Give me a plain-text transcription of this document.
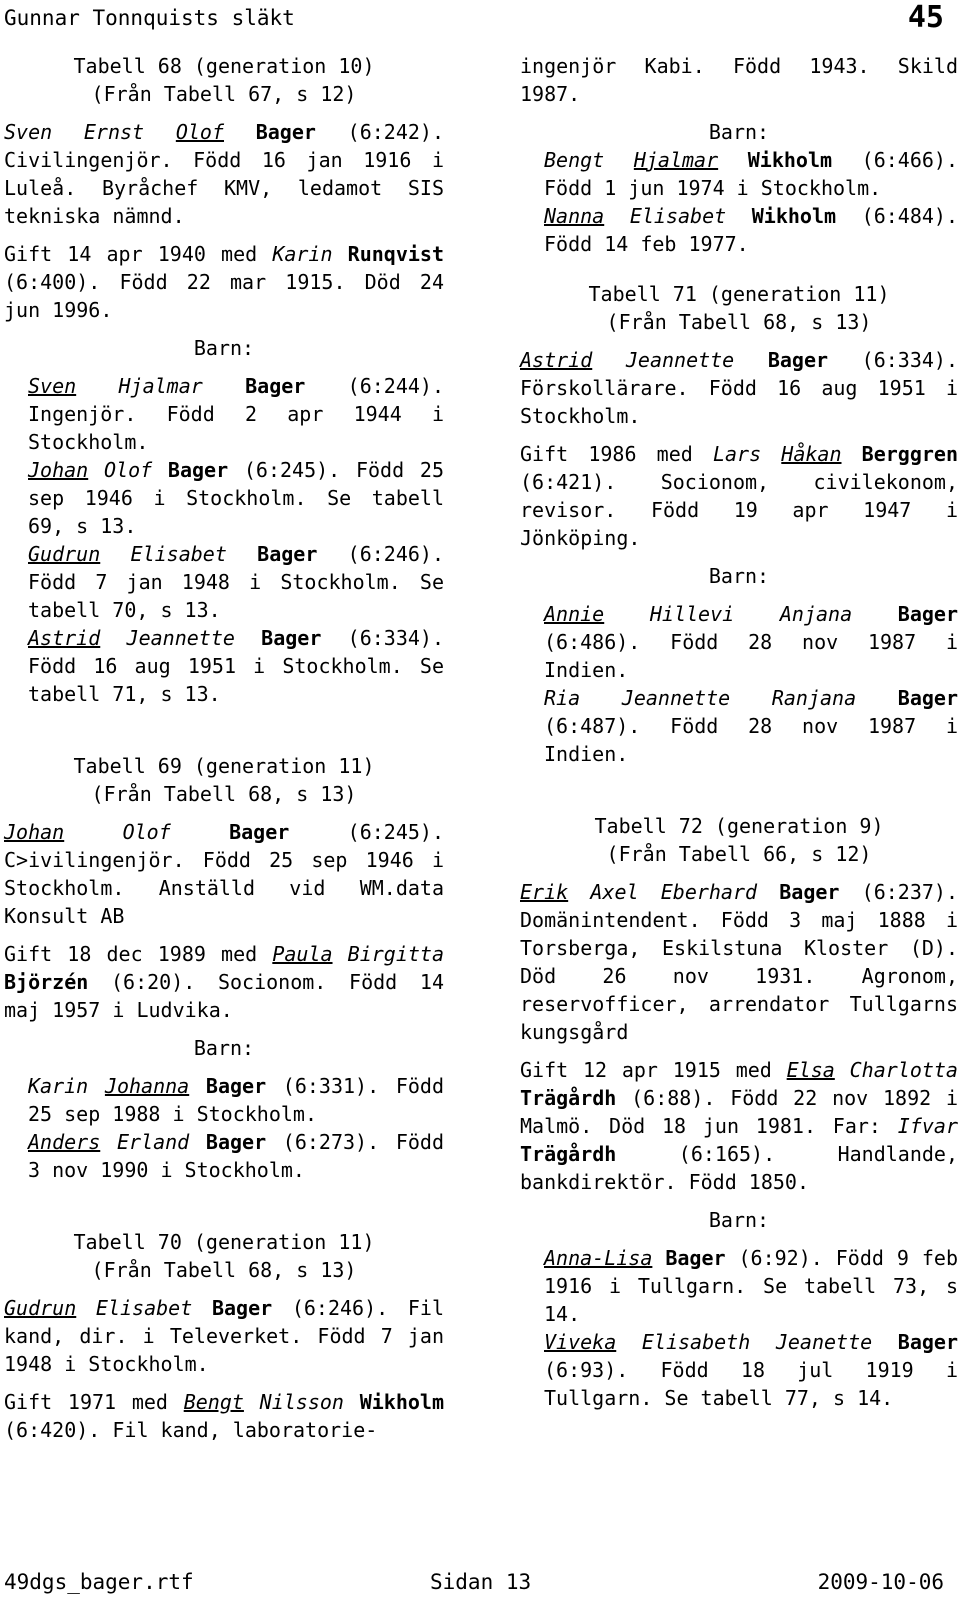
Gunnar Tonnquists släkt	45
Tabell 68 (generation 10)
(Från Tabell 67, s 12)

Sven Ernst Olof Bager (6:242). Civilingenjör. Född 16 jan 1916 i Luleå. Byråchef KMV, ledamot SIS tekniska nämnd.

Gift 14 apr 1940 med Karin Runqvist (6:400). Född 22 mar 1915. Död 24 jun 1996.

Barn:

Sven Hjalmar Bager (6:244). Ingenjör. Född 2 apr 1944 i Stockholm.

Johan Olof Bager (6:245). Född 25 sep 1946 i Stockholm. Se tabell 69, s 13.

Gudrun Elisabet Bager (6:246). Född 7 jan 1948 i Stockholm. Se tabell 70, s 13.

Astrid Jeannette Bager (6:334). Född 16 aug 1951 i Stockholm. Se tabell 71, s 13.

Tabell 69 (generation 11)
(Från Tabell 68, s 13)

Johan Olof Bager (6:245). C>ivilingenjör. Född 25 sep 1946 i Stockholm. Anställd vid WM.data Konsult AB

Gift 18 dec 1989 med Paula Birgitta Björzén (6:20). Socionom. Född 14 maj 1957 i Ludvika.

Barn:

Karin Johanna Bager (6:331). Född 25 sep 1988 i Stockholm.

Anders Erland Bager (6:273). Född 3 nov 1990 i Stockholm.

Tabell 70 (generation 11)
(Från Tabell 68, s 13)

Gudrun Elisabet Bager (6:246). Fil kand, dir. i Televerket. Född 7 jan 1948 i Stockholm.

Gift 1971 med Bengt Nilsson Wikholm (6:420). Fil kand, laboratorie-

ingenjör Kabi. Född 1943. Skild 1987.

Barn:

Bengt Hjalmar Wikholm (6:466). Född 1 jun 1974 i Stockholm.

Nanna Elisabet Wikholm (6:484). Född 14 feb 1977.

Tabell 71 (generation 11)
(Från Tabell 68, s 13)

Astrid Jeannette Bager (6:334). Förskollärare. Född 16 aug 1951 i Stockholm.

Gift 1986 med Lars Håkan Berggren (6:421). Socionom, civilekonom, revisor. Född 19 apr 1947 i Jönköping.

Barn:

Annie Hillevi Anjana Bager (6:486). Född 28 nov 1987 i Indien.

Ria Jeannette Ranjana Bager (6:487). Född 28 nov 1987 i Indien.

Tabell 72 (generation 9)
(Från Tabell 66, s 12)

Erik Axel Eberhard Bager (6:237). Domänintendent. Född 3 maj 1888 i Torsberga, Eskilstuna Kloster (D). Död 26 nov 1931. Agronom, reservofficer, arrendator Tullgarns kungsgård

Gift 12 apr 1915 med Elsa Charlotta Trägårdh (6:88). Född 22 nov 1892 i Malmö. Död 18 jun 1981. Far: Ifvar Trägårdh (6:165). Handlande, bankdirektör. Född 1850.

Barn:

Anna-Lisa Bager (6:92). Född 9 feb 1916 i Tullgarn. Se tabell 73, s 14.

Viveka Elisabeth Jeanette Bager (6:93). Född 18 jul 1919 i Tullgarn. Se tabell 77, s 14.

49dgs_bager.rtf	Sidan 13	2009-10-06
